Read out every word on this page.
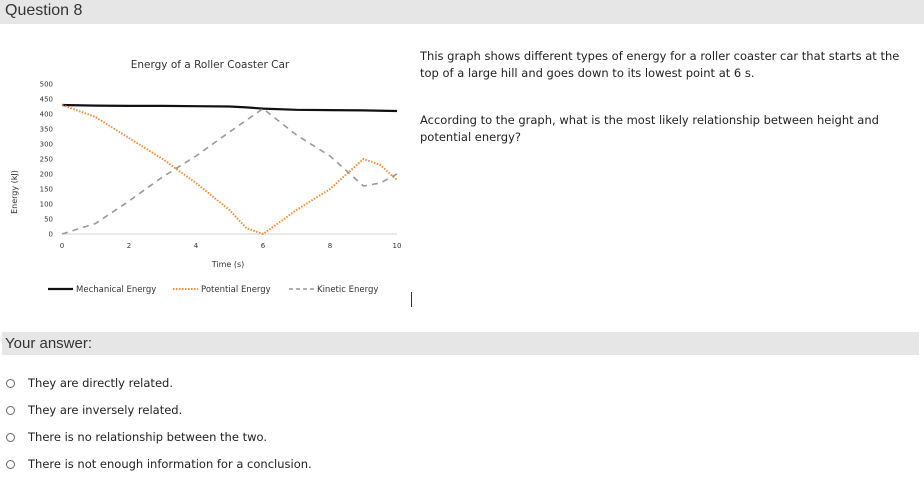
Question 8
Energy of a Roller Coaster Car
Energy (kJ)
Time (s)
0
50
100
150
200
250
300
350
400
450
500
0	2	4	6	8	10
Mechanical Energy	Potential Energy	Kinetic Energy

This graph shows different types of energy for a roller coaster car that starts at the top of a large hill and goes down to its lowest point at 6 s.

According to the graph, what is the most likely relationship between height and potential energy?

Your answer:
They are directly related.
They are inversely related.
There is no relationship between the two.
There is not enough information for a conclusion.
